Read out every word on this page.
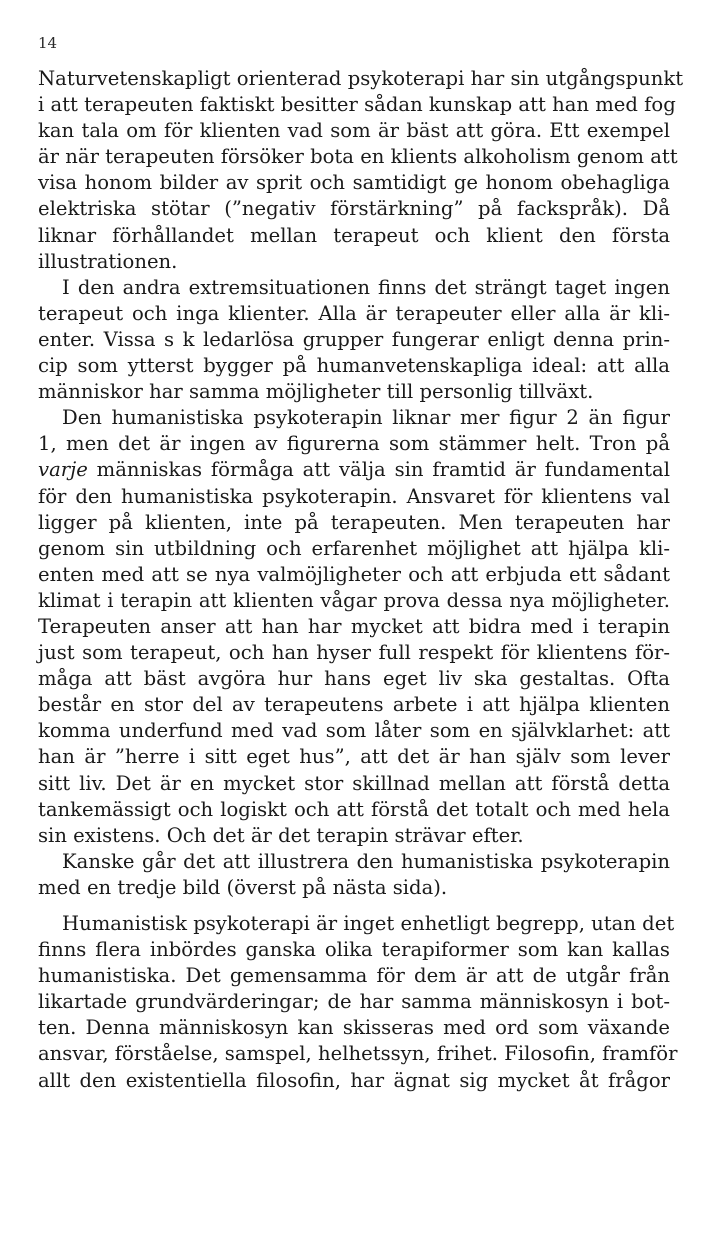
14
Naturvetenskapligt orienterad psykoterapi har sin utgångspunkt
i att terapeuten faktiskt besitter sådan kunskap att han med fog
kan tala om för klienten vad som är bäst att göra. Ett exempel
är när terapeuten försöker bota en klients alkoholism genom att
visa honom bilder av sprit och samtidigt ge honom obehagliga
elektriska stötar (”negativ förstärkning” på fackspråk). Då
liknar förhållandet mellan terapeut och klient den första
illustrationen.
I den andra extremsituationen finns det strängt taget ingen
terapeut och inga klienter. Alla är terapeuter eller alla är kli-
enter. Vissa s k ledarlösa grupper fungerar enligt denna prin-
cip som ytterst bygger på humanvetenskapliga ideal: att alla
människor har samma möjligheter till personlig tillväxt.
Den humanistiska psykoterapin liknar mer figur 2 än figur
1, men det är ingen av figurerna som stämmer helt. Tron på
varje människas förmåga att välja sin framtid är fundamental
för den humanistiska psykoterapin. Ansvaret för klientens val
ligger på klienten, inte på terapeuten. Men terapeuten har
genom sin utbildning och erfarenhet möjlighet att hjälpa kli-
enten med att se nya valmöjligheter och att erbjuda ett sådant
klimat i terapin att klienten vågar prova dessa nya möjligheter.
Terapeuten anser att han har mycket att bidra med i terapin
just som terapeut, och han hyser full respekt för klientens för-
måga att bäst avgöra hur hans eget liv ska gestaltas. Ofta
består en stor del av terapeutens arbete i att hjälpa klienten
komma underfund med vad som låter som en självklarhet: att
han är ”herre i sitt eget hus”, att det är han själv som lever
sitt liv. Det är en mycket stor skillnad mellan att förstå detta
tankemässigt och logiskt och att förstå det totalt och med hela
sin existens. Och det är det terapin strävar efter.
Kanske går det att illustrera den humanistiska psykoterapin
med en tredje bild (överst på nästa sida).
Humanistisk psykoterapi är inget enhetligt begrepp, utan det
finns flera inbördes ganska olika terapiformer som kan kallas
humanistiska. Det gemensamma för dem är att de utgår från
likartade grundvärderingar; de har samma människosyn i bot-
ten. Denna människosyn kan skisseras med ord som växande
ansvar, förståelse, samspel, helhetssyn, frihet. Filosofin, framför
allt den existentiella filosofin, har ägnat sig mycket åt frågor
